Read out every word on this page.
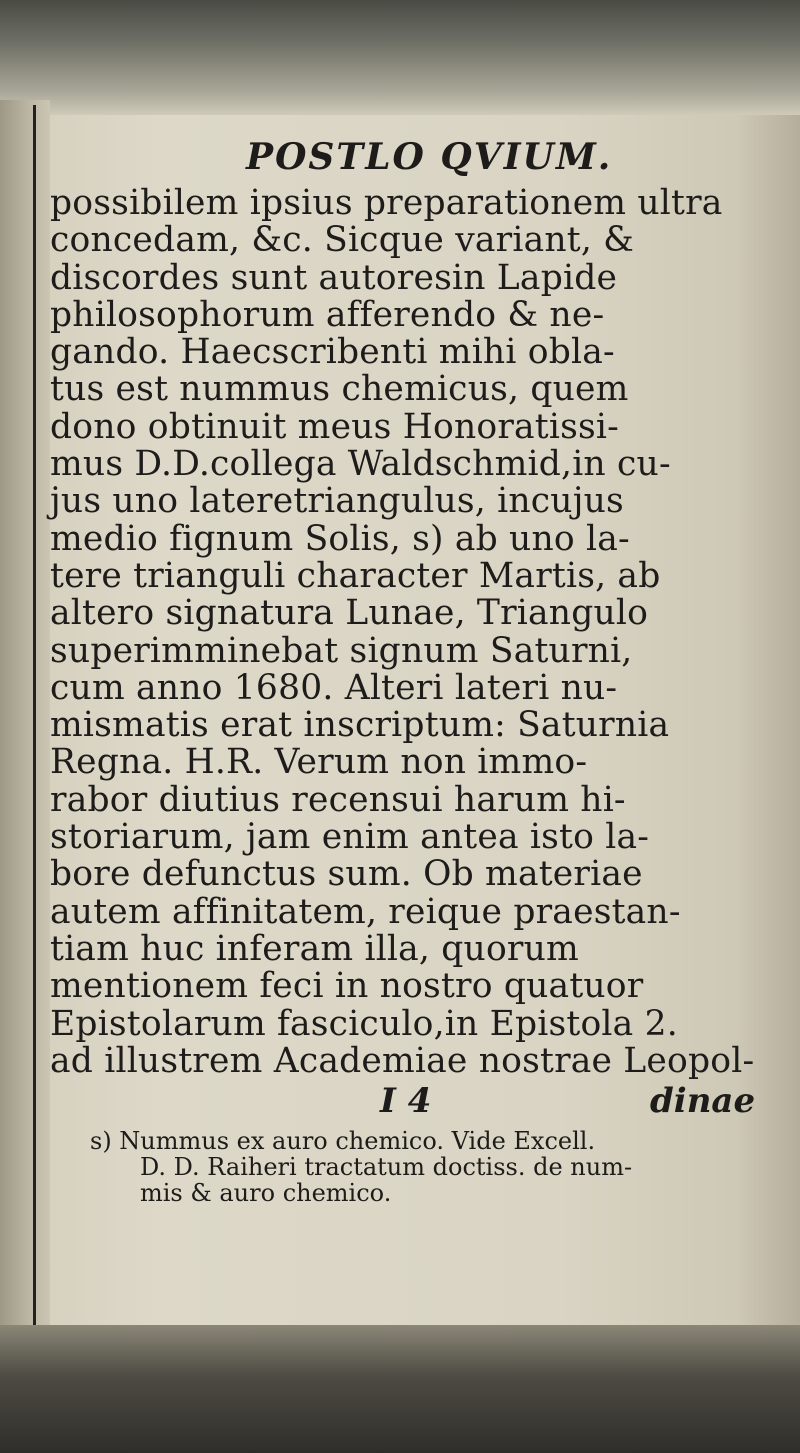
POSTLO QVIUM.
possibilem ipsius preparationem ultra
concedam, &c. Sicque variant, &
discordes sunt autoresin Lapide
philosophorum afferendo & ne-
gando. Haecscribenti mihi obla-
tus est nummus chemicus, quem
dono obtinuit meus Honoratissi-
mus D.D.collega Waldschmid,in cu-
jus uno lateretriangulus, incujus
medio fignum Solis, s) ab uno la-
tere trianguli character Martis, ab
altero signatura Lunae, Triangulo
superimminebat signum Saturni,
cum anno 1680. Alteri lateri nu-
mismatis erat inscriptum: Saturnia
Regna. H.R. Verum non immo-
rabor diutius recensui harum hi-
storiarum, jam enim antea isto la-
bore defunctus sum. Ob materiae
autem affinitatem, reique praestan-
tiam huc inferam illa, quorum
mentionem feci in nostro quatuor
Epistolarum fasciculo,in Epistola 2.
ad illustrem Academiae nostrae Leopol-
I 4	dinae
s) Nummus ex auro chemico. Vide Excell.
D. D. Raiheri tractatum doctiss. de num-
mis & auro chemico.
